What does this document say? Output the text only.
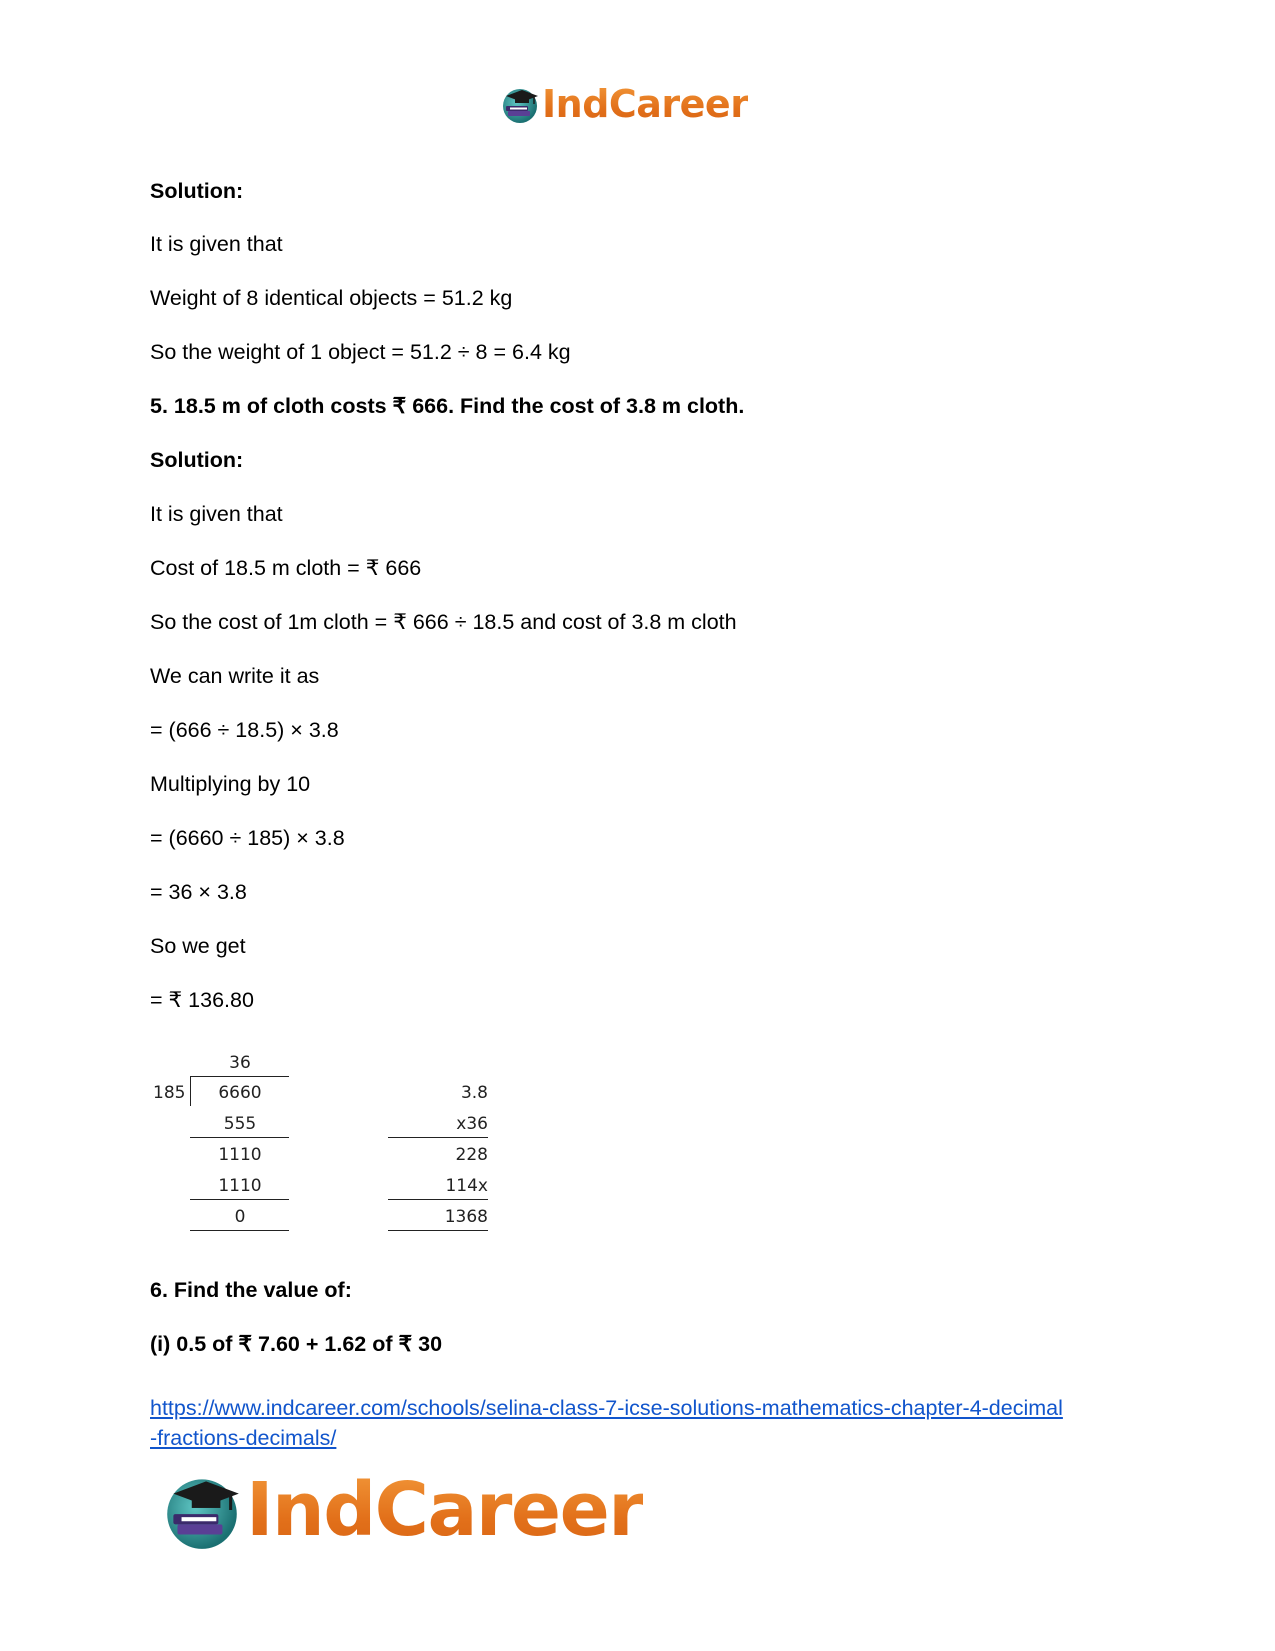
IndCareer
Solution:
It is given that
Weight of 8 identical objects = 51.2 kg
So the weight of 1 object = 51.2 ÷ 8 = 6.4 kg
5. 18.5 m of cloth costs ₹ 666. Find the cost of 3.8 m cloth.
Solution:
It is given that
Cost of 18.5 m cloth = ₹ 666
So the cost of 1m cloth = ₹ 666 ÷ 18.5 and cost of 3.8 m cloth
We can write it as
= (666 ÷ 18.5) × 3.8
Multiplying by 10
= (6660 ÷ 185) × 3.8
= 36 × 3.8
So we get
= ₹ 136.80
36
185	6660
555
1110
1110
0
3.8
x36
228
114x
1368
6. Find the value of:
(i) 0.5 of ₹ 7.60 + 1.62 of ₹ 30
https://www.indcareer.com/schools/selina-class-7-icse-solutions-mathematics-chapter-4-decimal
-fractions-decimals/
IndCareer
